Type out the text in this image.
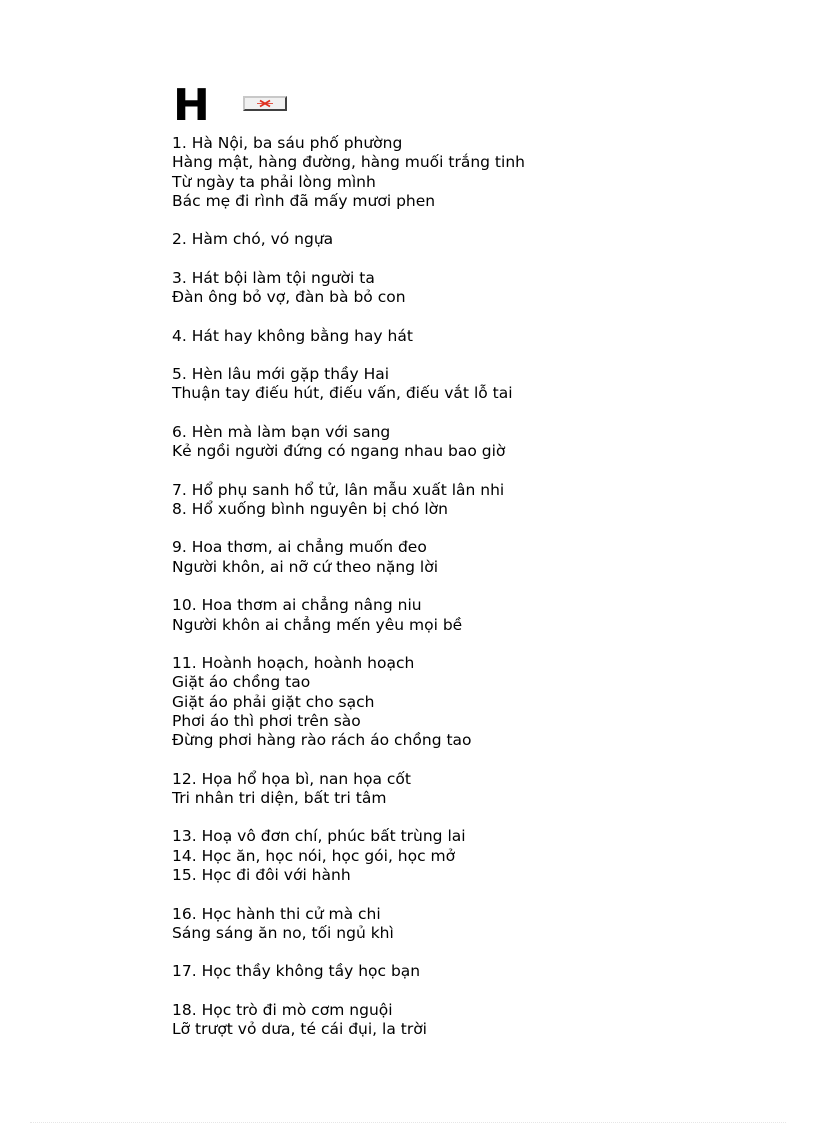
H
1. Hà Nội, ba sáu phố phường
Hàng mật, hàng đường, hàng muối trắng tinh
Từ ngày ta phải lòng mình
Bác mẹ đi rình đã mấy mươi phen
2. Hàm chó, vó ngựa
3. Hát bội làm tội người ta
Đàn ông bỏ vợ, đàn bà bỏ con
4. Hát hay không bằng hay hát
5. Hèn lâu mới gặp thầy Hai
Thuận tay điếu hút, điếu vấn, điếu vắt lỗ tai
6. Hèn mà làm bạn với sang
Kẻ ngồi người đứng có ngang nhau bao giờ
7. Hổ phụ sanh hổ tử, lân mẫu xuất lân nhi
8. Hổ xuống bình nguyên bị chó lờn
9. Hoa thơm, ai chẳng muốn đeo
Người khôn, ai nỡ cứ theo nặng lời
10. Hoa thơm ai chẳng nâng niu
Người khôn ai chẳng mến yêu mọi bề
11. Hoành hoạch, hoành hoạch
Giặt áo chồng tao
Giặt áo phải giặt cho sạch
Phơi áo thì phơi trên sào
Đừng phơi hàng rào rách áo chồng tao
12. Họa hổ họa bì, nan họa cốt
Tri nhân tri diện, bất tri tâm
13. Hoạ vô đơn chí, phúc bất trùng lai
14. Học ăn, học nói, học gói, học mở
15. Học đi đôi với hành
16. Học hành thi cử mà chi
Sáng sáng ăn no, tối ngủ khì
17. Học thầy không tầy học bạn
18. Học trò đi mò cơm nguội
Lỡ trượt vỏ dưa, té cái đụi, la trời
